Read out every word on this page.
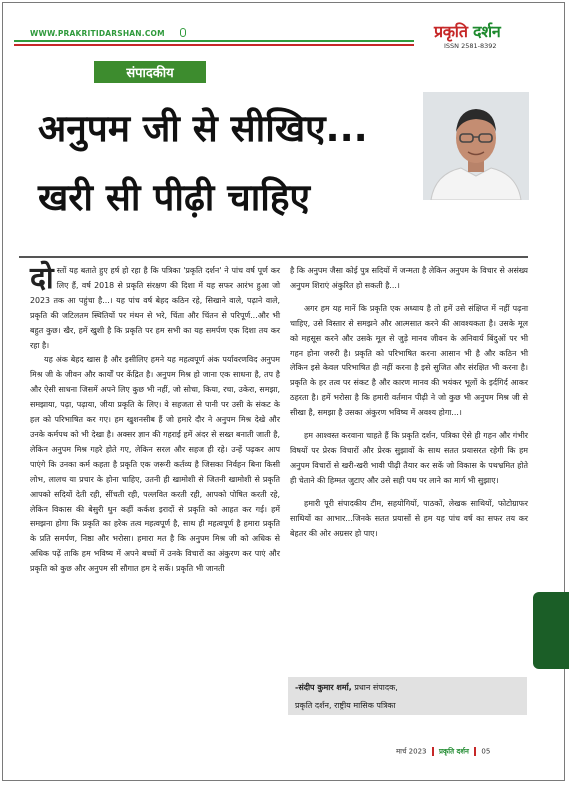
WWW.PRAKRITIDARSHAN.COM	प्रकृति दर्शन
ISSN 2581-8392
संपादकीय
अनुपम जी से सीखिए...
खरी सी पीढ़ी चाहिए

दोस्तों यह बताते हुए हर्ष हो रहा है कि पत्रिका 'प्रकृति दर्शन' ने पांच वर्ष पूर्ण कर लिए हैं, वर्ष 2018 से प्रकृति संरक्षण की दिशा में यह सफर आरंभ हुआ जो 2023 तक आ पहुंचा है...। यह पांच वर्ष बेहद कठिन रहे, सिखाने वाले, पढ़ाने वाले, प्रकृति की जटिलतम स्थितियों पर मंथन से भरे, चिंता और चिंतन से परिपूर्ण...और भी बहुत कुछ। खैर, हमें खुशी है कि प्रकृति पर हम सभी का यह समर्पण एक दिशा तय कर रहा है।

यह अंक बेहद खास है और इसीलिए हमने यह महत्वपूर्ण अंक पर्यावरणविद अनुपम मिश्र जी के जीवन और कार्यों पर केंद्रित है। अनुपम मिश्र हो जाना एक साधना है, तप है और ऐसी साधना जिसमें अपने लिए कुछ भी नहीं, जो सोचा, किया, रचा, उकेरा, समझा, समझाया, पढ़ा, पढ़ाया, जीया प्रकृति के लिए। वे सहजता से पानी पर उसी के संकट के हल को परिभाषित कर गए। हम खुशनसीब हैं जो हमारे दौर ने अनुपम मिश्र देखे और उनके कर्मपथ को भी देखा है। अक्सर ज्ञान की गहराई हमें अंदर से सख्त बनाती जाती है, लेकिन अनुपम मिश्र गहरे होते गए, लेकिन सरल और सहज ही रहे। उन्हें पढ़कर आप पाएंगे कि उनका कर्म कहता है प्रकृति एक जरूरी कर्तव्य है जिसका निर्वहन बिना किसी लोभ, लालच या प्रचार के होना चाहिए, उतनी ही खामोशी से जितनी खामोशी से प्रकृति आपको सदियों देती रही, सींचती रही, पल्लवित करती रही, आपको पोषित करती रहे, लेकिन विकास की बेसुरी धुन कहीं कर्कश इरादों से प्रकृति को आहत कर गई। हमें समझना होगा कि प्रकृति का हरेक तत्व महत्वपूर्ण है, साथ ही महत्वपूर्ण है हमारा प्रकृति के प्रति समर्पण, निष्ठा और भरोसा। हमारा मत है कि अनुपम मिश्र जी को अधिक से अधिक पढ़ें ताकि हम भविष्य में अपने बच्चों में उनके विचारों का अंकुरण कर पाएं और प्रकृति को कुछ और अनुपम सी सौगात हम दे सकें। प्रकृति भी जानती

है कि अनुपम जैसा कोई पुत्र सदियों में जन्मता है लेकिन अनुपम के विचार से असंख्य अनुपम शिराएं अंकुरित हो सकती है...।

अगर हम यह मानें कि प्रकृति एक अध्याय है तो हमें उसे संक्षिप्त में नहीं पढ़ना चाहिए, उसे विस्तार से समझने और आत्मसात करने की आवश्यकता है। उसके मूल को महसूस करने और उसके मूल से जुड़े मानव जीवन के अनिवार्य बिंदुओं पर भी गहन होना जरुरी है। प्रकृति को परिभाषित करना आसान भी है और कठिन भी लेकिन इसे केवल परिभाषित ही नहीं करना है इसे सुजित और संरक्षित भी करना है। प्रकृति के हर तत्व पर संकट है और कारण मानव की भयंकर भूलों के इर्दगिर्द आकर ठहरता है। हमें भरोसा है कि हमारी वर्तमान पीढ़ी ने जो कुछ भी अनुपम मिश्र जी से सीखा है, समझा है उसका अंकुरण भविष्य में अवश्य होगा...।

हम आश्वस्त करवाना चाहते हैं कि प्रकृति दर्शन, पत्रिका ऐसे ही गहन और गंभीर विषयों पर प्रेरक विचारों और प्रेरक सुझावों के साथ सतत प्रयासरत रहेगी कि हम अनुपम विचारों से खरी-खरी भावी पीढ़ी तैयार कर सकें जो विकास के पथभ्रमित होते ही चेताने की हिम्मत जुटाए और उसे सही पथ पर लाने का मार्ग भी सुझाए।

हमारी पूरी संपादकीय टीम, सहयोगियों, पाठकों, लेखक साथियों, फोटोग्राफर साथियों का आभार...जिनके सतत प्रयासों से हम यह पांच वर्ष का सफर तय कर बेहतर की ओर अग्रसर हो पाए।

-संदीप कुमार शर्मा, प्रधान संपादक,
प्रकृति दर्शन, राष्ट्रीय मासिक पत्रिका
मार्च 2023 प्रकृति दर्शन 05
